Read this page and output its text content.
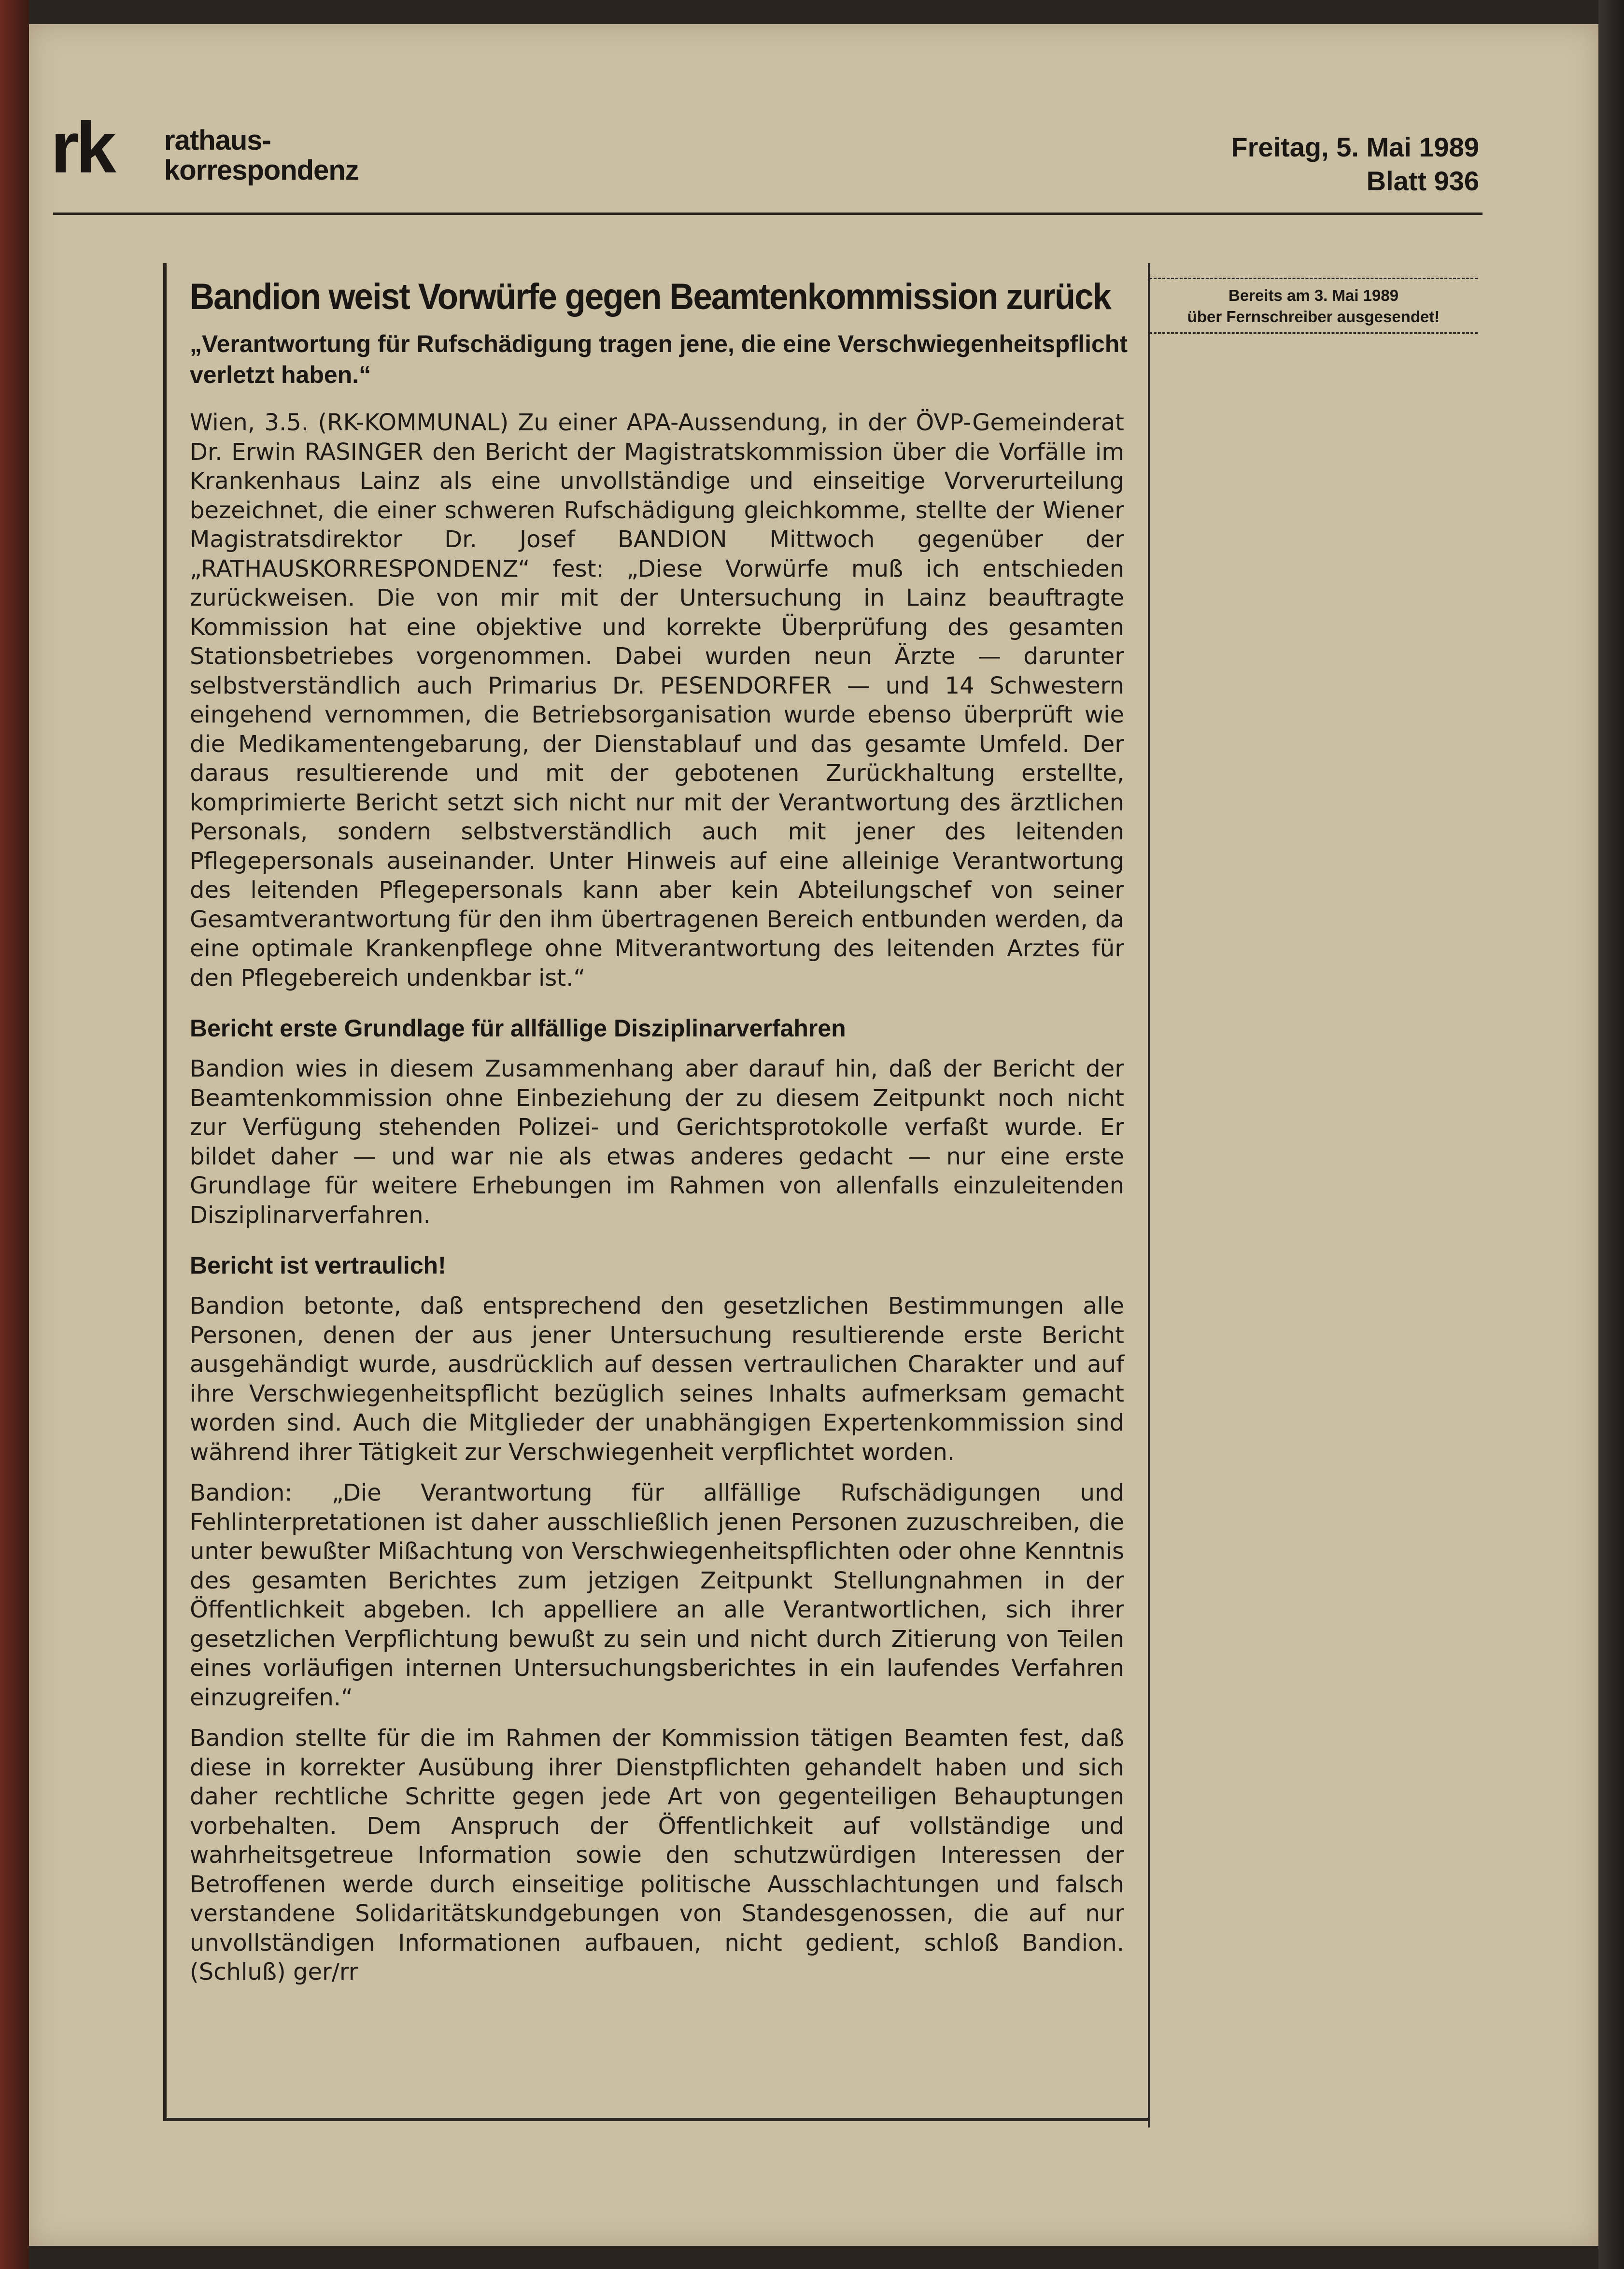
rk rathaus-
korrespondenz
Freitag, 5. Mai 1989
Blatt 936
Bandion weist Vorwürfe gegen Beamtenkommission zurück

„Verantwortung für Rufschädigung tragen jene, die eine Verschwiegenheitspflicht verletzt haben.“

Wien, 3.5. (RK-KOMMUNAL) Zu einer APA-Aussendung, in der ÖVP-Gemeinderat Dr. Erwin RASINGER den Bericht der Magistratskommission über die Vorfälle im Krankenhaus Lainz als eine unvollständige und einseitige Vorverurteilung bezeichnet, die einer schweren Rufschädigung gleichkomme, stellte der Wiener Magistratsdirektor Dr. Josef BANDION Mittwoch gegenüber der „RATHAUSKORRESPONDENZ“ fest: „Diese Vorwürfe muß ich entschieden zurückweisen. Die von mir mit der Untersuchung in Lainz beauftragte Kommission hat eine objektive und korrekte Überprüfung des gesamten Stationsbetriebes vorgenommen. Dabei wurden neun Ärzte — darunter selbstverständlich auch Primarius Dr. PESENDORFER — und 14 Schwestern eingehend vernommen, die Betriebsorganisation wurde ebenso überprüft wie die Medikamentengebarung, der Dienstablauf und das gesamte Umfeld. Der daraus resultierende und mit der gebotenen Zurückhaltung erstellte, komprimierte Bericht setzt sich nicht nur mit der Verantwortung des ärztlichen Personals, sondern selbstverständlich auch mit jener des leitenden Pflegepersonals auseinander. Unter Hinweis auf eine alleinige Verantwortung des leitenden Pflegepersonals kann aber kein Abteilungschef von seiner Gesamtverantwortung für den ihm übertragenen Bereich entbunden werden, da eine optimale Krankenpflege ohne Mitverantwortung des leitenden Arztes für den Pflegebereich undenkbar ist.“

Bericht erste Grundlage für allfällige Disziplinarverfahren

Bandion wies in diesem Zusammenhang aber darauf hin, daß der Bericht der Beamtenkommission ohne Einbeziehung der zu diesem Zeitpunkt noch nicht zur Verfügung stehenden Polizei- und Gerichtsprotokolle verfaßt wurde. Er bildet daher — und war nie als etwas anderes gedacht — nur eine erste Grundlage für weitere Erhebungen im Rahmen von allenfalls einzuleitenden Disziplinarverfahren.

Bericht ist vertraulich!

Bandion betonte, daß entsprechend den gesetzlichen Bestimmungen alle Personen, denen der aus jener Untersuchung resultierende erste Bericht ausgehändigt wurde, ausdrücklich auf dessen vertraulichen Charakter und auf ihre Verschwiegenheitspflicht bezüglich seines Inhalts aufmerksam gemacht worden sind. Auch die Mitglieder der unabhängigen Expertenkommission sind während ihrer Tätigkeit zur Verschwiegenheit verpflichtet worden.

Bandion: „Die Verantwortung für allfällige Rufschädigungen und Fehlinterpretationen ist daher ausschließlich jenen Personen zuzuschreiben, die unter bewußter Mißachtung von Verschwiegenheitspflichten oder ohne Kenntnis des gesamten Berichtes zum jetzigen Zeitpunkt Stellungnahmen in der Öffentlichkeit abgeben. Ich appelliere an alle Verantwortlichen, sich ihrer gesetzlichen Verpflichtung bewußt zu sein und nicht durch Zitierung von Teilen eines vorläufigen internen Untersuchungsberichtes in ein laufendes Verfahren einzugreifen.“

Bandion stellte für die im Rahmen der Kommission tätigen Beamten fest, daß diese in korrekter Ausübung ihrer Dienstpflichten gehandelt haben und sich daher rechtliche Schritte gegen jede Art von gegenteiligen Behauptungen vorbehalten. Dem Anspruch der Öffentlichkeit auf vollständige und wahrheitsgetreue Information sowie den schutzwürdigen Interessen der Betroffenen werde durch einseitige politische Ausschlachtungen und falsch verstandene Solidaritätskundgebungen von Standesgenossen, die auf nur unvollständigen Informationen aufbauen, nicht gedient, schloß Bandion. (Schluß) ger/rr

Bereits am 3. Mai 1989
über Fernschreiber ausgesendet!
